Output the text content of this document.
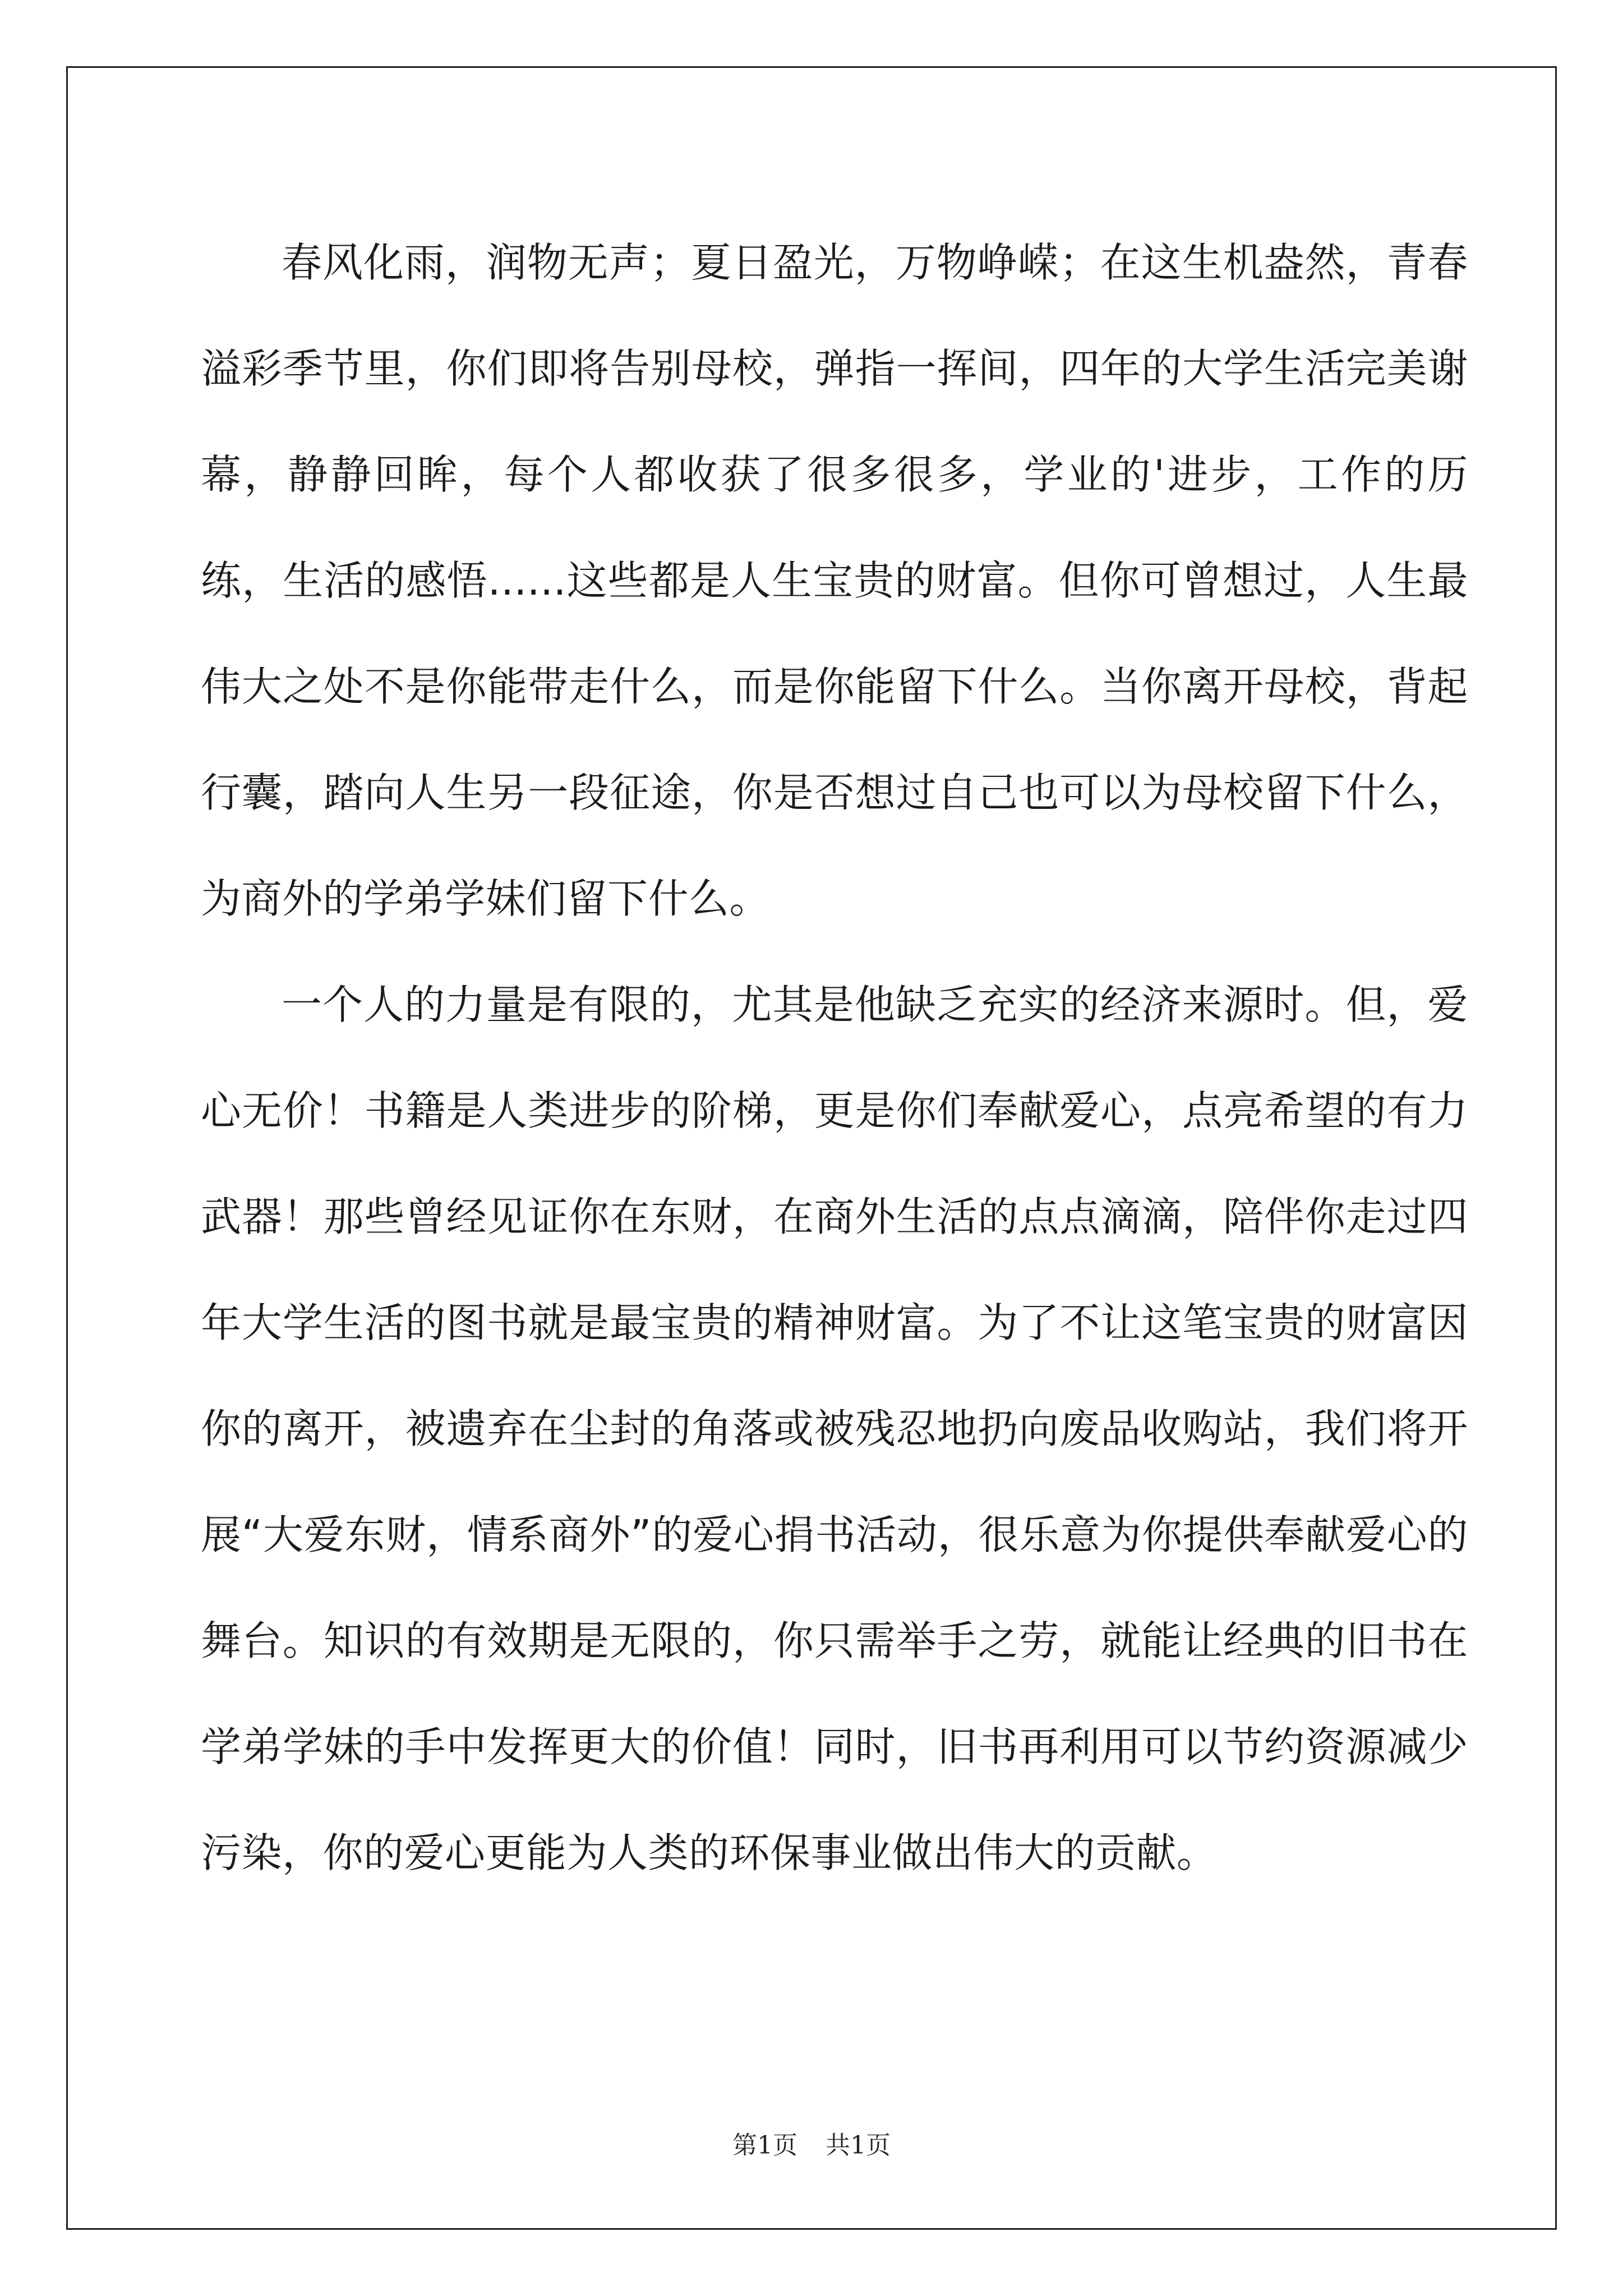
春风化雨，润物无声；夏日盈光，万物峥嵘；在这生机盎然，青春溢彩季节里，你们即将告别母校，弹指一挥间，四年的大学生活完美谢幕，静静回眸，每个人都收获了很多很多，学业的'进步，工作的历练，生活的感悟......这些都是人生宝贵的财富。但你可曾想过，人生最伟大之处不是你能带走什么，而是你能留下什么。当你离开母校，背起行囊，踏向人生另一段征途，你是否想过自己也可以为母校留下什么，为商外的学弟学妹们留下什么。

一个人的力量是有限的，尤其是他缺乏充实的经济来源时。但，爱心无价！书籍是人类进步的阶梯，更是你们奉献爱心，点亮希望的有力武器！那些曾经见证你在东财，在商外生活的点点滴滴，陪伴你走过四年大学生活的图书就是最宝贵的精神财富。为了不让这笔宝贵的财富因你的离开，被遗弃在尘封的角落或被残忍地扔向废品收购站，我们将开展“大爱东财，情系商外”的爱心捐书活动，很乐意为你提供奉献爱心的舞台。知识的有效期是无限的，你只需举手之劳，就能让经典的旧书在学弟学妹的手中发挥更大的价值！同时，旧书再利用可以节约资源减少污染，你的爱心更能为人类的环保事业做出伟大的贡献。

第1页 共1页
